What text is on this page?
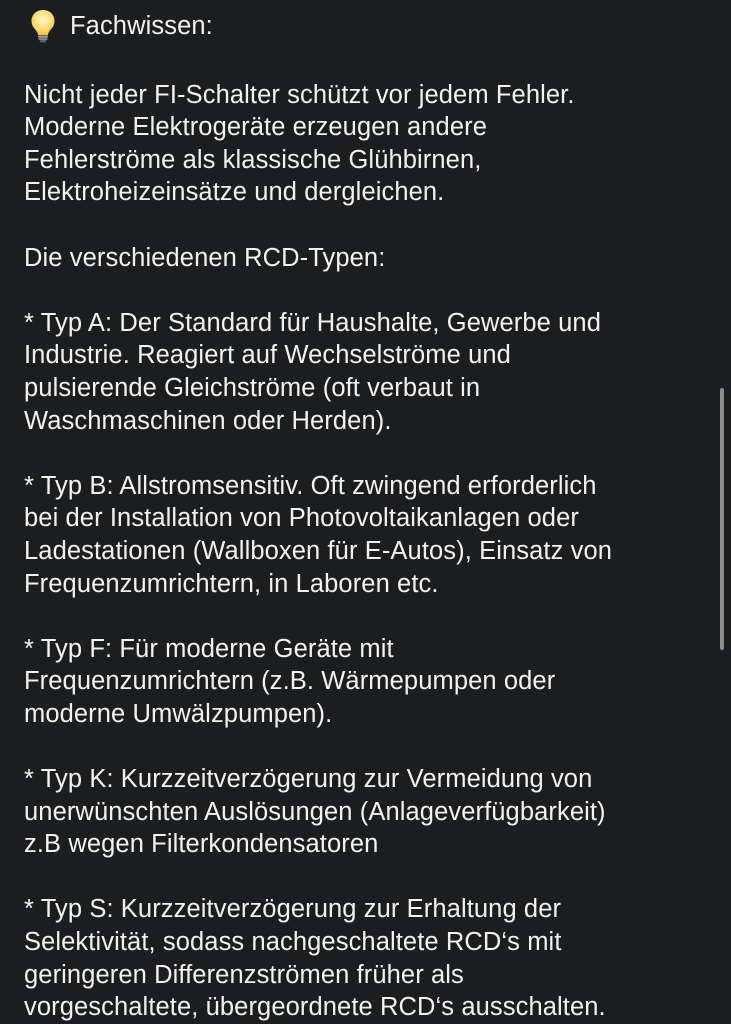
Fachwissen:

Nicht jeder FI-Schalter schützt vor jedem Fehler.
Moderne Elektrogeräte erzeugen andere
Fehlerströme als klassische Glühbirnen,
Elektroheizeinsätze und dergleichen.

Die verschiedenen RCD-Typen:

* Typ A: Der Standard für Haushalte, Gewerbe und
Industrie. Reagiert auf Wechselströme und
pulsierende Gleichströme (oft verbaut in
Waschmaschinen oder Herden).

* Typ B: Allstromsensitiv. Oft zwingend erforderlich
bei der Installation von Photovoltaikanlagen oder
Ladestationen (Wallboxen für E-Autos), Einsatz von
Frequenzumrichtern, in Laboren etc.

* Typ F: Für moderne Geräte mit
Frequenzumrichtern (z.B. Wärmepumpen oder
moderne Umwälzpumpen).

* Typ K: Kurzzeitverzögerung zur Vermeidung von
unerwünschten Auslösungen (Anlageverfügbarkeit)
z.B wegen Filterkondensatoren

* Typ S: Kurzzeitverzögerung zur Erhaltung der
Selektivität, sodass nachgeschaltete RCD‘s mit
geringeren Differenzströmen früher als
vorgeschaltete, übergeordnete RCD‘s ausschalten.
